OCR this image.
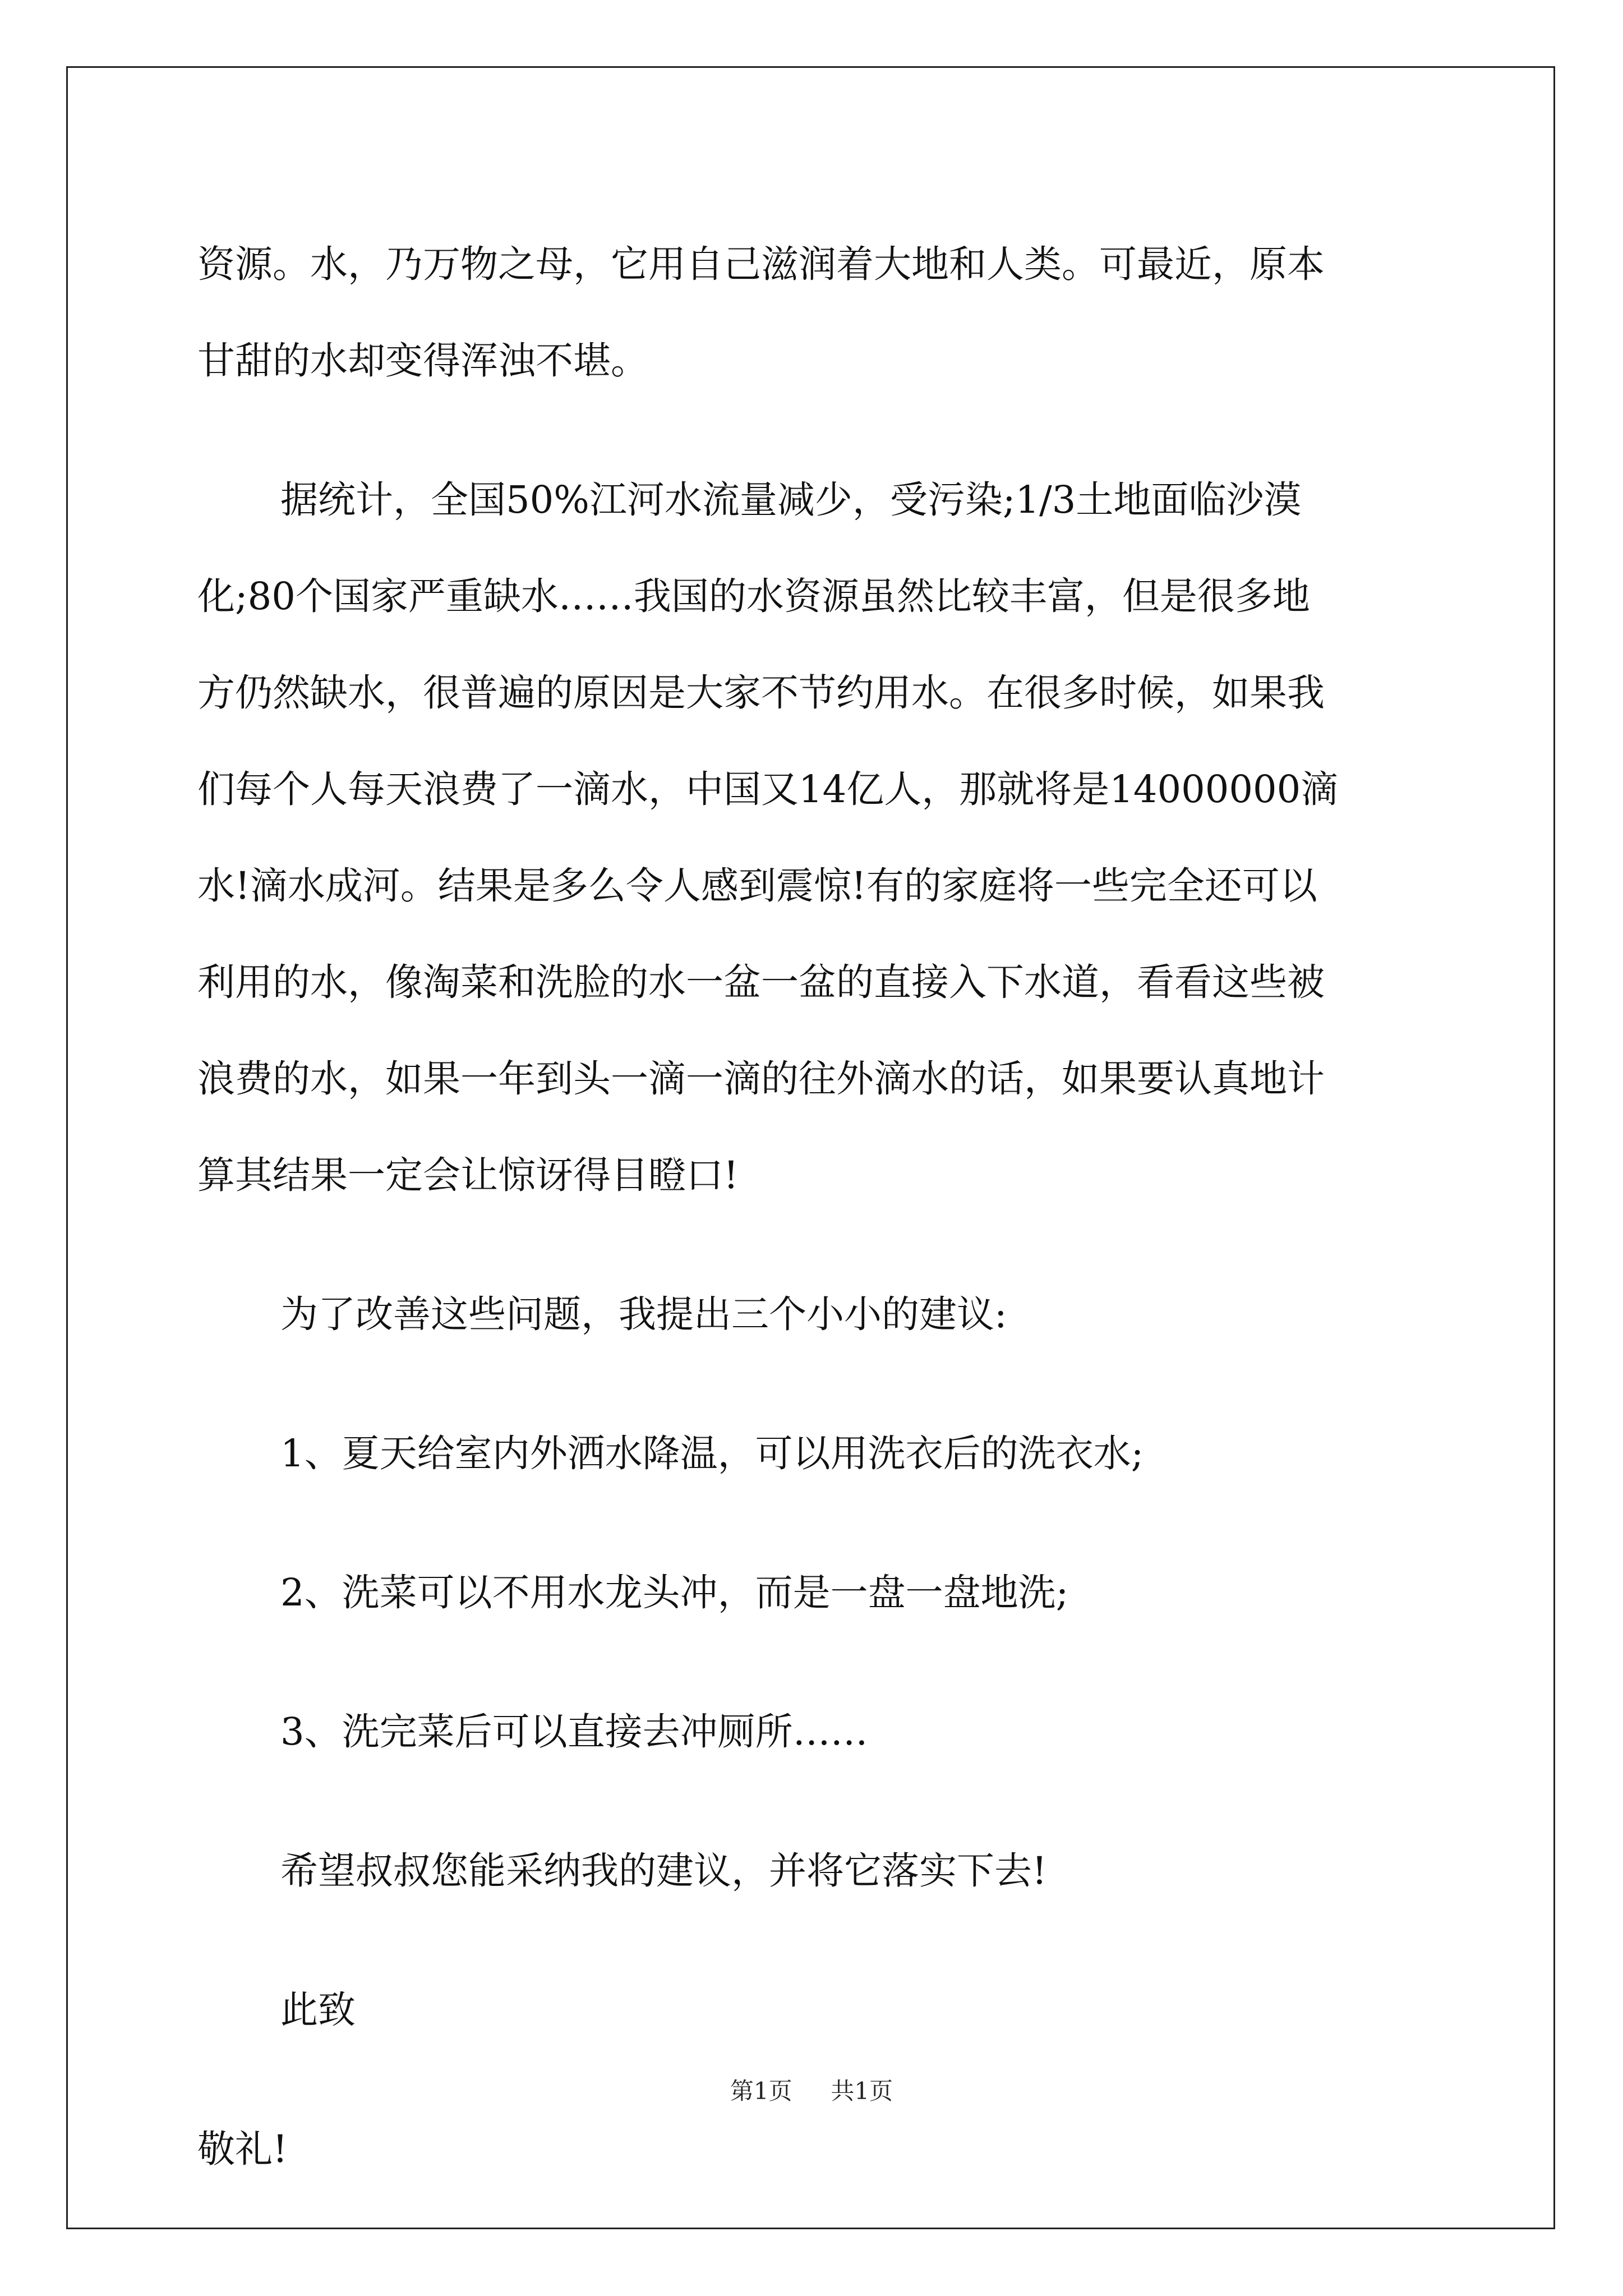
资源。水，乃万物之母，它用自己滋润着大地和人类。可最近，原本
甘甜的水却变得浑浊不堪。
据统计，全国50%江河水流量减少，受污染;1/3土地面临沙漠
化;80个国家严重缺水……我国的水资源虽然比较丰富，但是很多地
方仍然缺水，很普遍的原因是大家不节约用水。在很多时候，如果我
们每个人每天浪费了一滴水，中国又14亿人，那就将是14000000滴
水!滴水成河。结果是多么令人感到震惊!有的家庭将一些完全还可以
利用的水，像淘菜和洗脸的水一盆一盆的直接入下水道，看看这些被
浪费的水，如果一年到头一滴一滴的往外滴水的话，如果要认真地计
算其结果一定会让惊讶得目瞪口!
为了改善这些问题，我提出三个小小的建议:
1、夏天给室内外洒水降温，可以用洗衣后的洗衣水;
2、洗菜可以不用水龙头冲，而是一盘一盘地洗;
3、洗完菜后可以直接去冲厕所……
希望叔叔您能采纳我的建议，并将它落实下去!
此致
敬礼!
第1页 共1页
